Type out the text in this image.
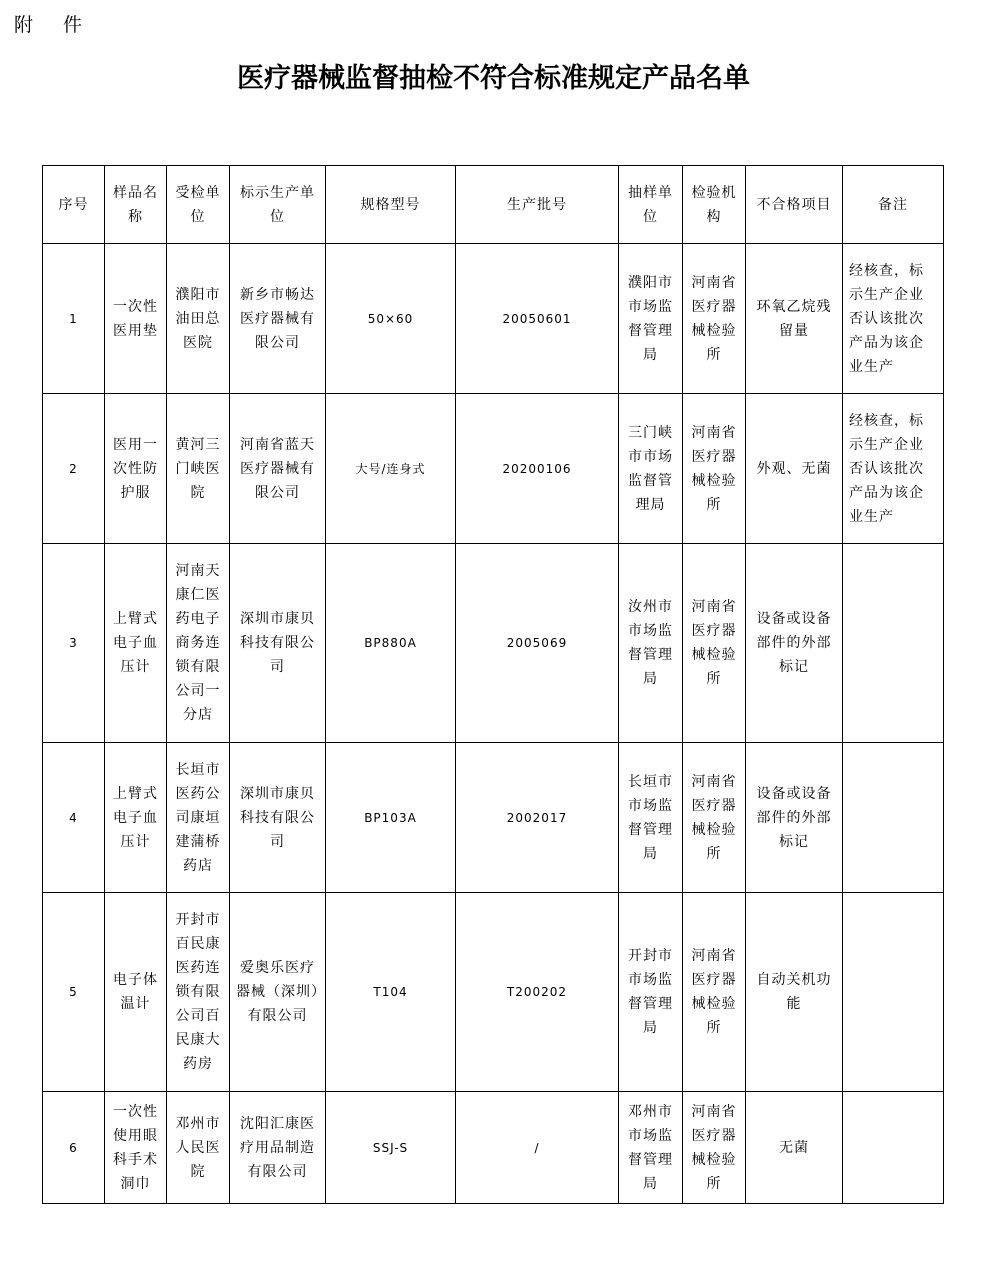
附 件
医疗器械监督抽检不符合标准规定产品名单
序号	样品名称	受检单位	标示生产单位	规格型号	生产批号	抽样单位	检验机构	不合格项目	备注
1	一次性医用垫	濮阳市油田总医院	新乡市畅达医疗器械有限公司	50×60	20050601	濮阳市市场监督管理局	河南省医疗器械检验所	环氧乙烷残留量	经核查，标示生产企业否认该批次产品为该企业生产
2	医用一次性防护服	黄河三门峡医院	河南省蓝天医疗器械有限公司	大号/连身式	20200106	三门峡市市场监督管理局	河南省医疗器械检验所	外观、无菌	经核查，标示生产企业否认该批次产品为该企业生产
3	上臂式电子血压计	河南天康仁医药电子商务连锁有限公司一分店	深圳市康贝科技有限公司	BP880A	2005069	汝州市市场监督管理局	河南省医疗器械检验所	设备或设备部件的外部标记	
4	上臂式电子血压计	长垣市医药公司康垣建蒲桥药店	深圳市康贝科技有限公司	BP103A	2002017	长垣市市场监督管理局	河南省医疗器械检验所	设备或设备部件的外部标记	
5	电子体温计	开封市百民康医药连锁有限公司百民康大药房	爱奥乐医疗器械（深圳）有限公司	T104	T200202	开封市市场监督管理局	河南省医疗器械检验所	自动关机功能	
6	一次性使用眼科手术洞巾	邓州市人民医院	沈阳汇康医疗用品制造有限公司	SSJ-S	/	邓州市市场监督管理局	河南省医疗器械检验所	无菌	
